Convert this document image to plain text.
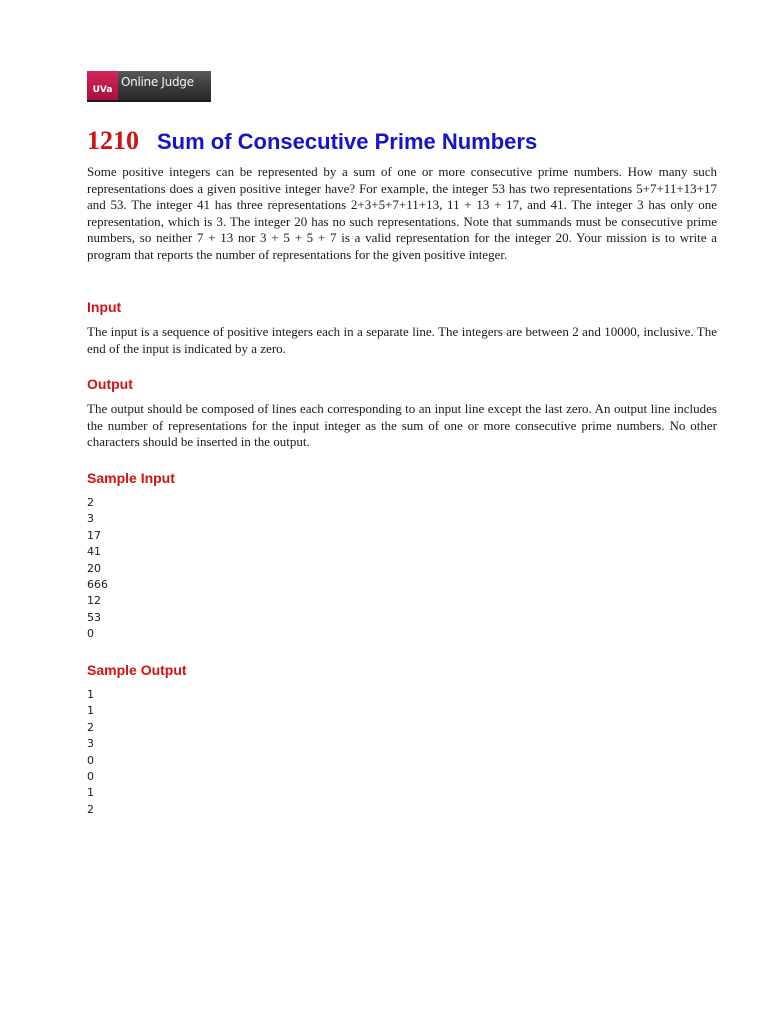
UVa
Online Judge
1210 Sum of Consecutive Prime Numbers

Some positive integers can be represented by a sum of one or more consecutive prime numbers. How many such representations does a given positive integer have? For example, the integer 53 has two representations 5+7+11+13+17 and 53. The integer 41 has three representations 2+3+5+7+11+13, 11 + 13 + 17, and 41. The integer 3 has only one representation, which is 3. The integer 20 has no such representations. Note that summands must be consecutive prime numbers, so neither 7 + 13 nor 3 + 5 + 5 + 7 is a valid representation for the integer 20. Your mission is to write a program that reports the number of representations for the given positive integer.

Input

The input is a sequence of positive integers each in a separate line. The integers are between 2 and 10000, inclusive. The end of the input is indicated by a zero.

Output

The output should be composed of lines each corresponding to an input line except the last zero. An output line includes the number of representations for the input integer as the sum of one or more consecutive prime numbers. No other characters should be inserted in the output.

Sample Input
2
3
17
41
20
666
12
53
0
Sample Output
1
1
2
3
0
0
1
2
